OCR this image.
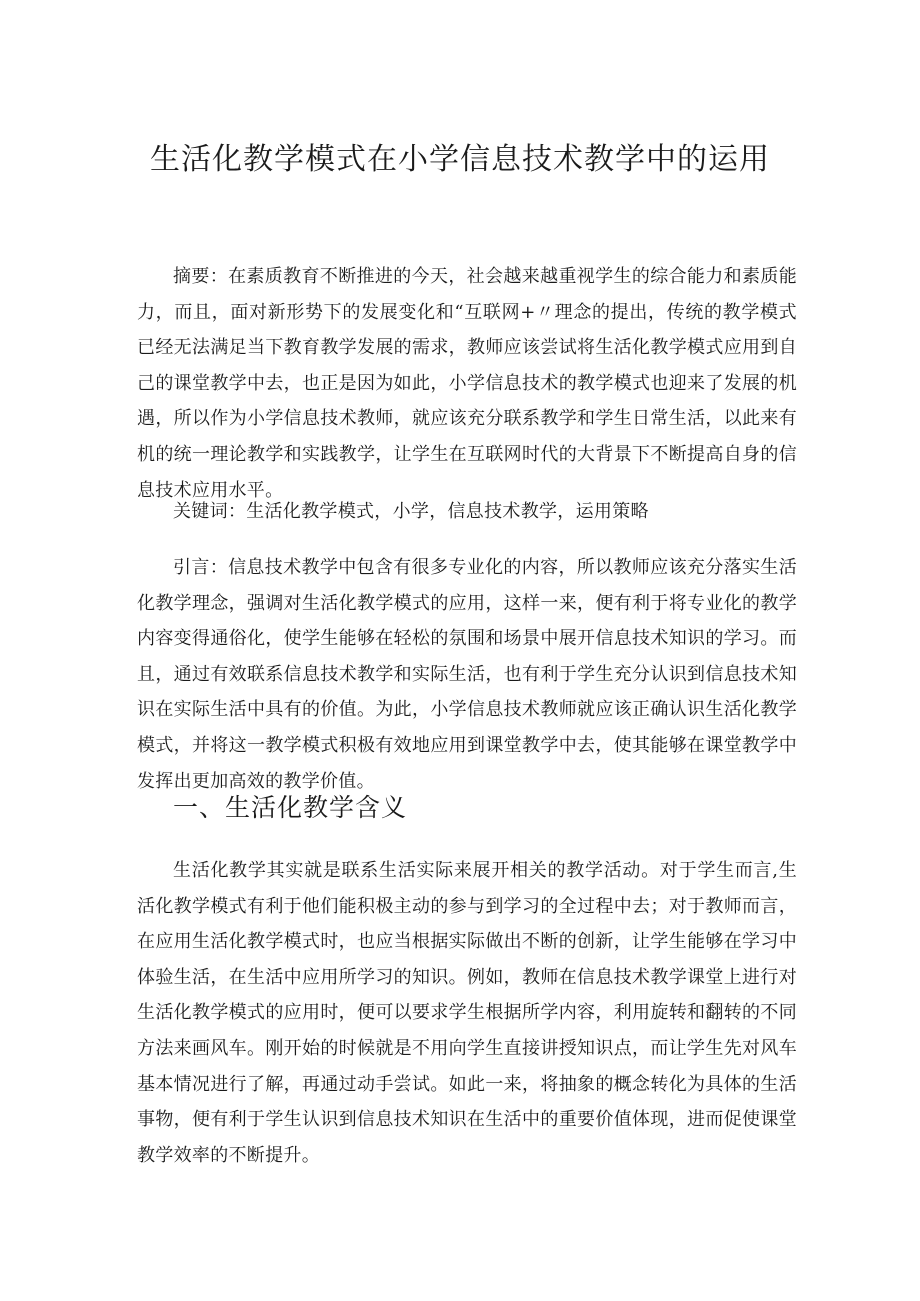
生活化教学模式在小学信息技术教学中的运用

摘要：在素质教育不断推进的今天，社会越来越重视学生的综合能力和素质能力，而且，面对新形势下的发展变化和“互联网+〃理念的提出，传统的教学模式已经无法满足当下教育教学发展的需求，教师应该尝试将生活化教学模式应用到自己的课堂教学中去，也正是因为如此，小学信息技术的教学模式也迎来了发展的机遇，所以作为小学信息技术教师，就应该充分联系教学和学生日常生活，以此来有机的统一理论教学和实践教学，让学生在互联网时代的大背景下不断提高自身的信息技术应用水平。

关键词：生活化教学模式，小学，信息技术教学，运用策略

引言：信息技术教学中包含有很多专业化的内容，所以教师应该充分落实生活化教学理念，强调对生活化教学模式的应用，这样一来，便有利于将专业化的教学内容变得通俗化，使学生能够在轻松的氛围和场景中展开信息技术知识的学习。而且，通过有效联系信息技术教学和实际生活，也有利于学生充分认识到信息技术知识在实际生活中具有的价值。为此，小学信息技术教师就应该正确认识生活化教学模式，并将这一教学模式积极有效地应用到课堂教学中去，使其能够在课堂教学中发挥出更加高效的教学价值。

一、生活化教学含义

生活化教学其实就是联系生活实际来展开相关的教学活动。对于学生而言,生活化教学模式有利于他们能积极主动的参与到学习的全过程中去；对于教师而言，在应用生活化教学模式时，也应当根据实际做出不断的创新，让学生能够在学习中体验生活，在生活中应用所学习的知识。例如，教师在信息技术教学课堂上进行对生活化教学模式的应用时，便可以要求学生根据所学内容，利用旋转和翻转的不同方法来画风车。刚开始的时候就是不用向学生直接讲授知识点，而让学生先对风车基本情况进行了解，再通过动手尝试。如此一来，将抽象的概念转化为具体的生活事物，便有利于学生认识到信息技术知识在生活中的重要价值体现，进而促使课堂教学效率的不断提升。
